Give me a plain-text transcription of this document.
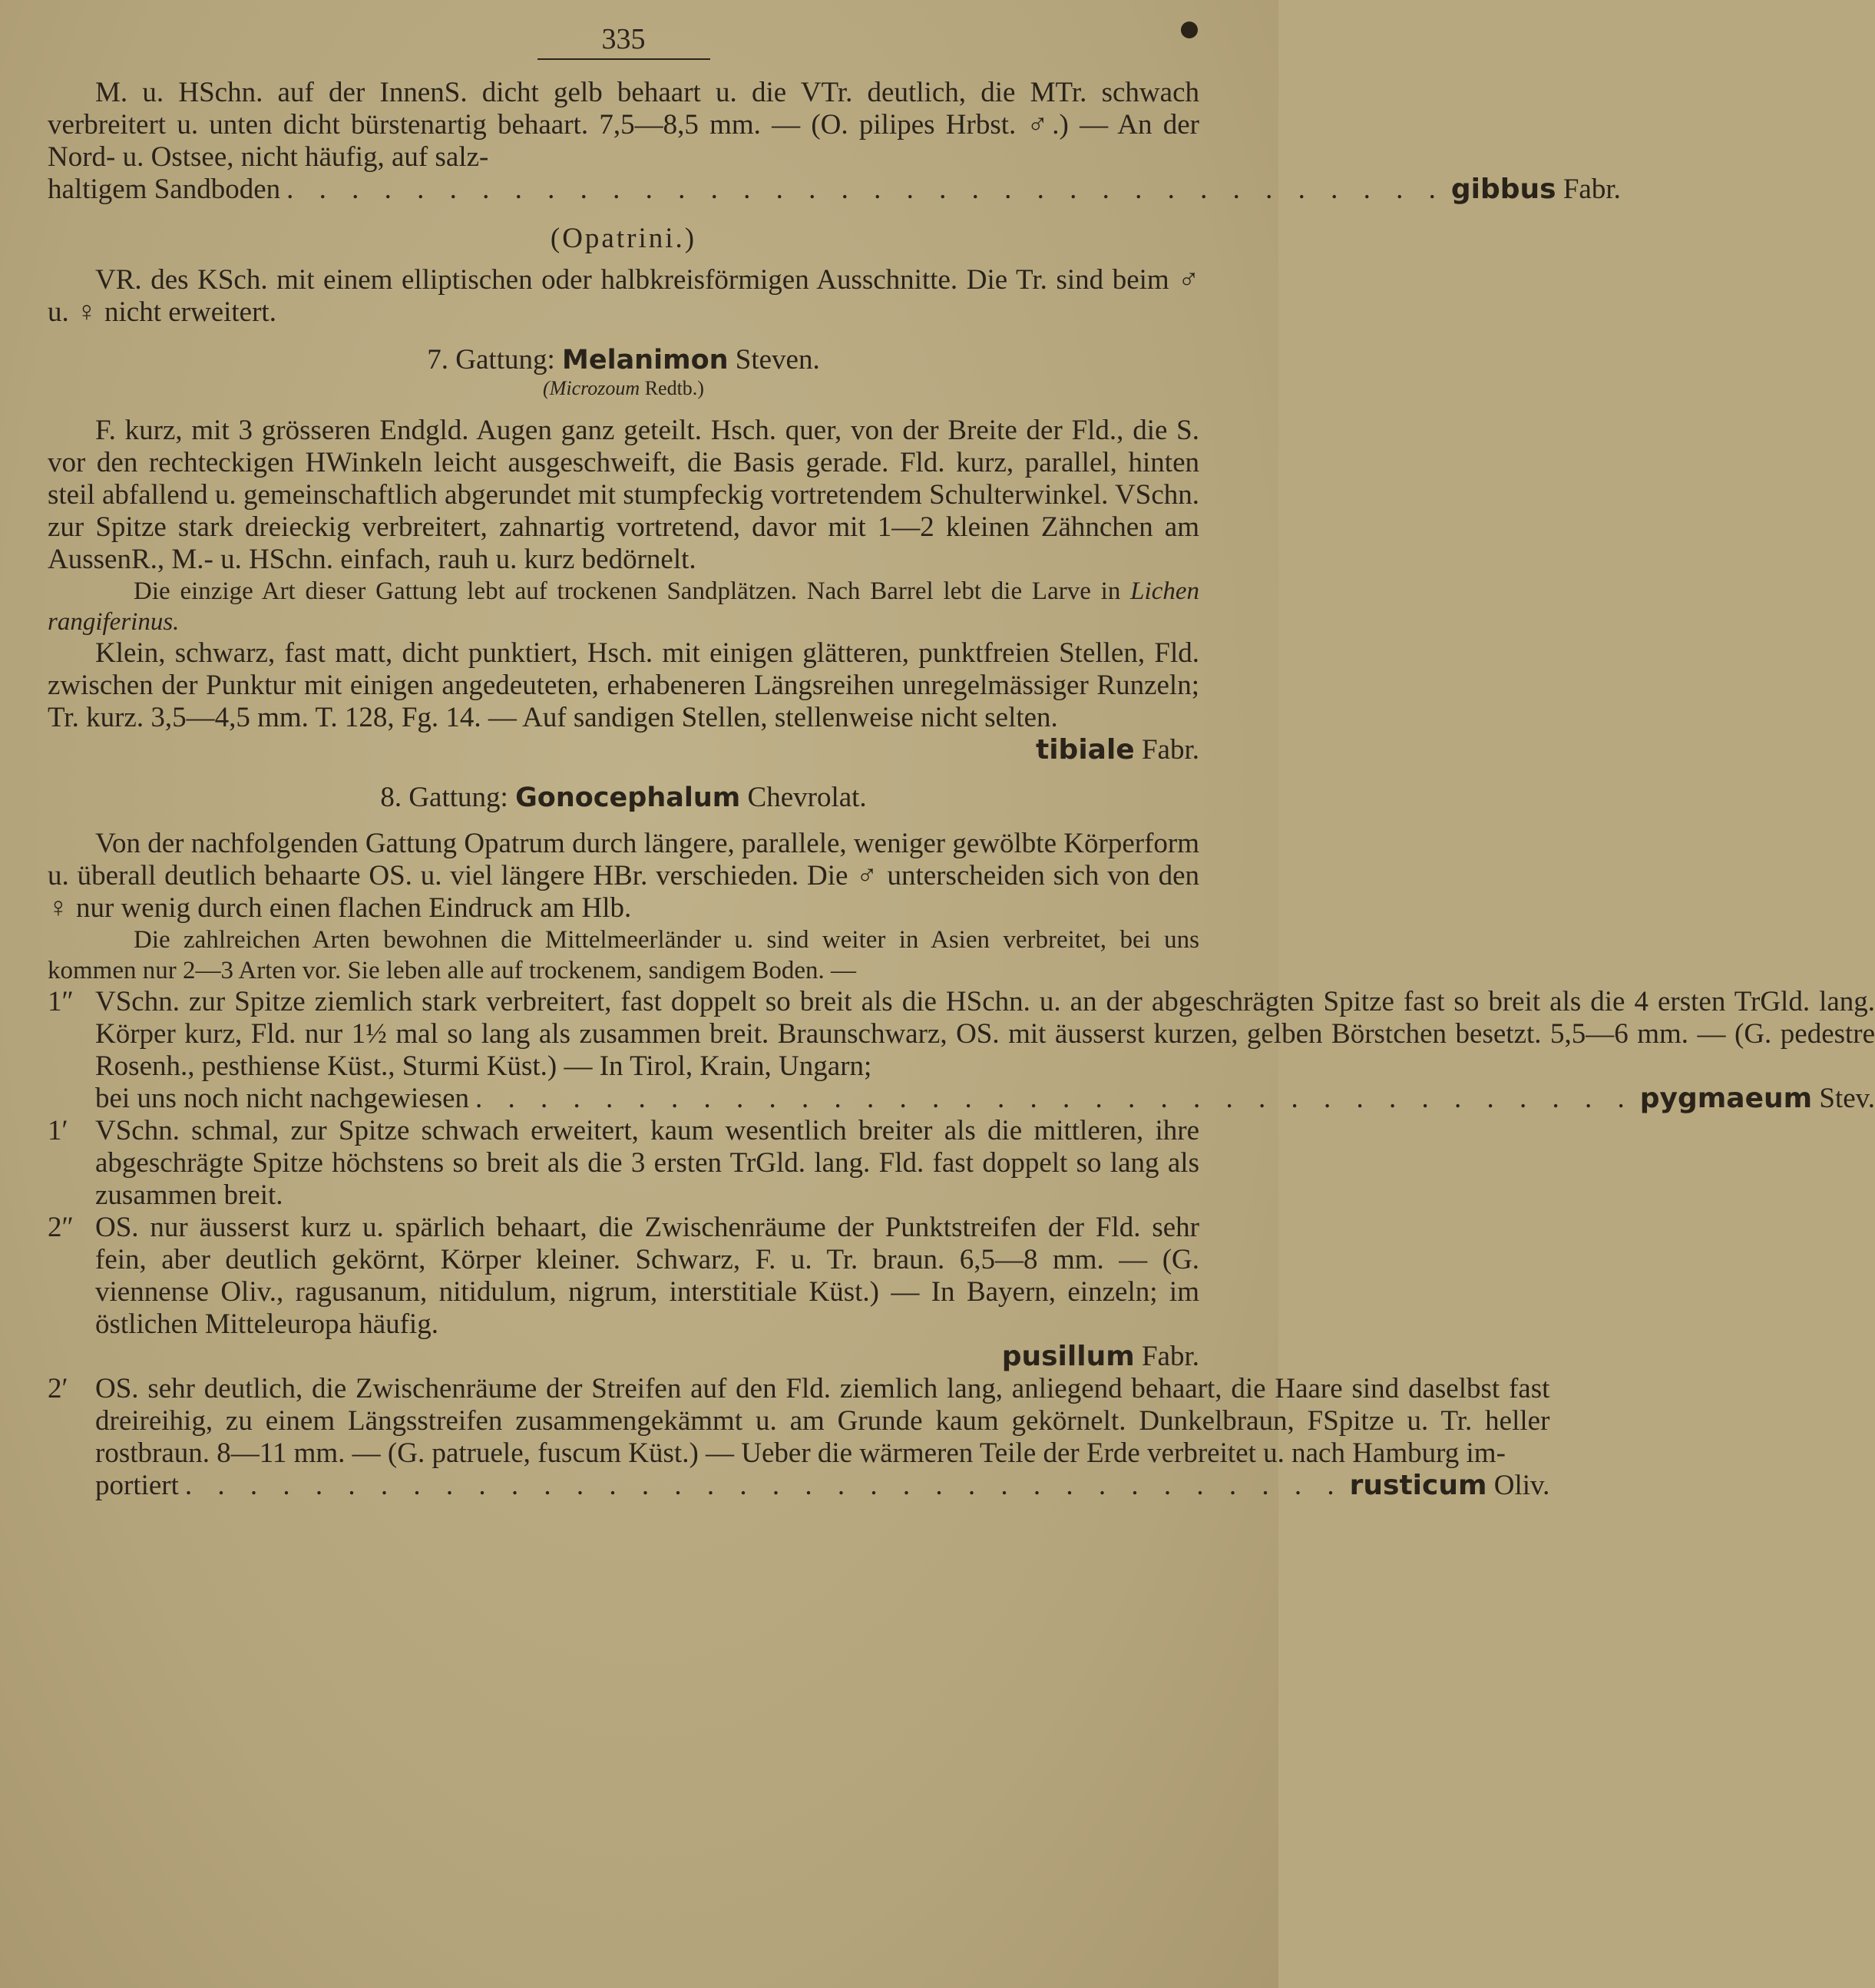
335

M. u. HSchn. auf der InnenS. dicht gelb behaart u. die VTr. deutlich, die MTr. schwach verbreitert u. unten dicht bürstenartig behaart. 7,5—8,5 mm. — (O. pilipes Hrbst. ♂.) — An der Nord- u. Ostsee, nicht häufig, auf salz-

haltigem Sandboden . . . . . . . . . . . . . . . . . . . . . . . . . . . . . . . . . . . . gibbus Fabr.
(Opatrini.)

VR. des KSch. mit einem elliptischen oder halbkreisförmigen Ausschnitte. Die Tr. sind beim ♂ u. ♀ nicht erweitert.

7. Gattung: Melanimon Steven.
(Microzoum Redtb.)

F. kurz, mit 3 grösseren Endgld. Augen ganz geteilt. Hsch. quer, von der Breite der Fld., die S. vor den rechteckigen HWinkeln leicht ausgeschweift, die Basis gerade. Fld. kurz, parallel, hinten steil abfallend u. gemeinschaftlich abgerundet mit stumpfeckig vortretendem Schulterwinkel. VSchn. zur Spitze stark dreieckig verbreitert, zahnartig vortretend, davor mit 1—2 kleinen Zähnchen am AussenR., M.- u. HSchn. einfach, rauh u. kurz bedörnelt.

Die einzige Art dieser Gattung lebt auf trockenen Sandplätzen. Nach Barrel lebt die Larve in Lichen rangiferinus.

Klein, schwarz, fast matt, dicht punktiert, Hsch. mit einigen glätteren, punktfreien Stellen, Fld. zwischen der Punktur mit einigen angedeuteten, erhabeneren Längsreihen unregelmässiger Runzeln; Tr. kurz. 3,5—4,5 mm. T. 128, Fg. 14. — Auf sandigen Stellen, stellenweise nicht selten.

tibiale Fabr.
8. Gattung: Gonocephalum Chevrolat.

Von der nachfolgenden Gattung Opatrum durch längere, parallele, weniger gewölbte Körperform u. überall deutlich behaarte OS. u. viel längere HBr. verschieden. Die ♂ unterscheiden sich von den ♀ nur wenig durch einen flachen Eindruck am Hlb.

Die zahlreichen Arten bewohnen die Mittelmeerländer u. sind weiter in Asien verbreitet, bei uns kommen nur 2—3 Arten vor. Sie leben alle auf trockenem, sandigem Boden. —

1″ VSchn. zur Spitze ziemlich stark verbreitert, fast doppelt so breit als die HSchn. u. an der abgeschrägten Spitze fast so breit als die 4 ersten TrGld. lang. Körper kurz, Fld. nur 1½ mal so lang als zusammen breit. Braunschwarz, OS. mit äusserst kurzen, gelben Börstchen besetzt. 5,5—6 mm. — (G. pedestre Rosenh., pesthiense Küst., Sturmi Küst.) — In Tirol, Krain, Ungarn;

bei uns noch nicht nachgewiesen . . . . . . . . . . . . . . . . . . . . . . . . . . . . . . . . . . . . pygmaeum Stev.
1′ VSchn. schmal, zur Spitze schwach erweitert, kaum wesentlich breiter als die mittleren, ihre abgeschrägte Spitze höchstens so breit als die 3 ersten TrGld. lang. Fld. fast doppelt so lang als zusammen breit.

2″ OS. nur äusserst kurz u. spärlich behaart, die Zwischenräume der Punktstreifen der Fld. sehr fein, aber deutlich gekörnt, Körper kleiner. Schwarz, F. u. Tr. braun. 6,5—8 mm. — (G. viennense Oliv., ragusanum, nitidulum, nigrum, interstitiale Küst.) — In Bayern, einzeln; im östlichen Mitteleuropa häufig.

pusillum Fabr.
2′ OS. sehr deutlich, die Zwischenräume der Streifen auf den Fld. ziemlich lang, anliegend behaart, die Haare sind daselbst fast dreireihig, zu einem Längsstreifen zusammengekämmt u. am Grunde kaum gekörnelt. Dunkelbraun, FSpitze u. Tr. heller rostbraun. 8—11 mm. — (G. patruele, fuscum Küst.) — Ueber die wärmeren Teile der Erde verbreitet u. nach Hamburg im-

portiert . . . . . . . . . . . . . . . . . . . . . . . . . . . . . . . . . . . . rusticum Oliv.
